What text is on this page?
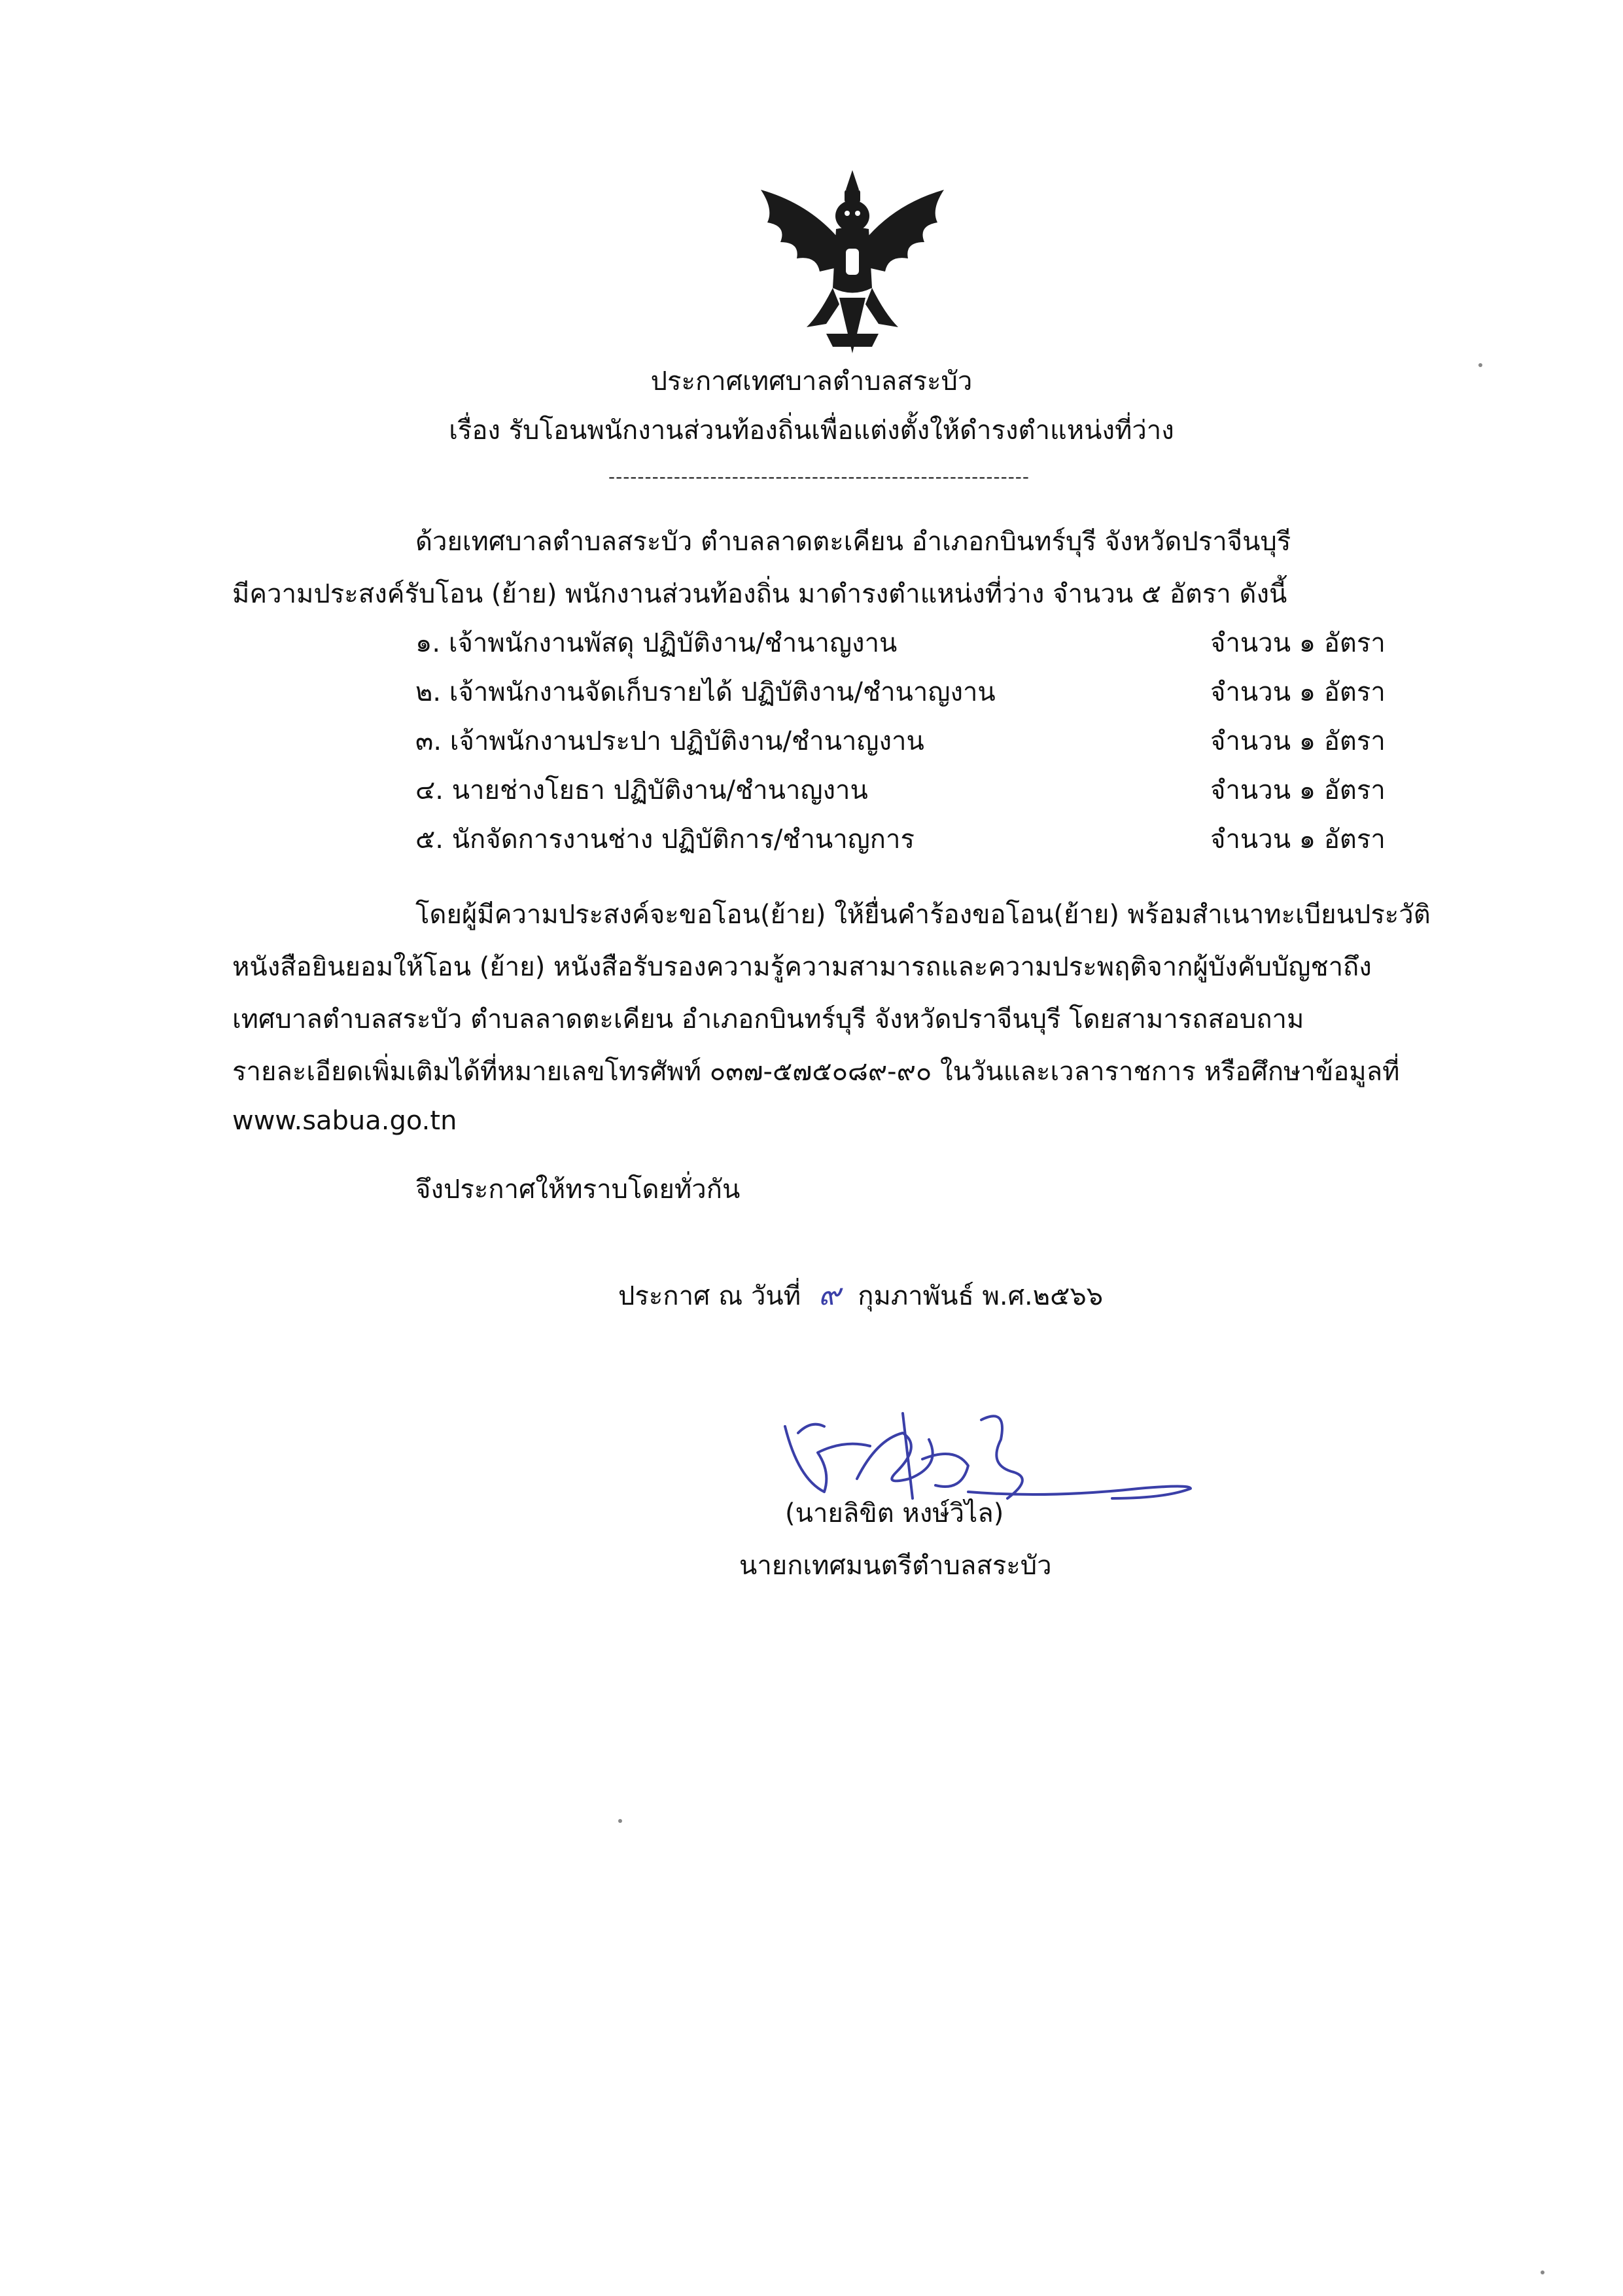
ประกาศเทศบาลตำบลสระบัว
เรื่อง รับโอนพนักงานส่วนท้องถิ่นเพื่อแต่งตั้งให้ดำรงตำแหน่งที่ว่าง
----------------------------------------------------------
ด้วยเทศบาลตำบลสระบัว ตำบลลาดตะเคียน อำเภอกบินทร์บุรี จังหวัดปราจีนบุรี
มีความประสงค์รับโอน (ย้าย) พนักงานส่วนท้องถิ่น มาดำรงตำแหน่งที่ว่าง จำนวน ๕ อัตรา ดังนี้
๑. เจ้าพนักงานพัสดุ ปฏิบัติงาน/ชำนาญงาน	จำนวน ๑ อัตรา
๒. เจ้าพนักงานจัดเก็บรายได้ ปฏิบัติงาน/ชำนาญงาน	จำนวน ๑ อัตรา
๓. เจ้าพนักงานประปา ปฏิบัติงาน/ชำนาญงาน	จำนวน ๑ อัตรา
๔. นายช่างโยธา ปฏิบัติงาน/ชำนาญงาน	จำนวน ๑ อัตรา
๕. นักจัดการงานช่าง ปฏิบัติการ/ชำนาญการ	จำนวน ๑ อัตรา
โดยผู้มีความประสงค์จะขอโอน(ย้าย) ให้ยื่นคำร้องขอโอน(ย้าย) พร้อมสำเนาทะเบียนประวัติ
หนังสือยินยอมให้โอน (ย้าย) หนังสือรับรองความรู้ความสามารถและความประพฤติจากผู้บังคับบัญชาถึง
เทศบาลตำบลสระบัว ตำบลลาดตะเคียน อำเภอกบินทร์บุรี จังหวัดปราจีนบุรี โดยสามารถสอบถาม
รายละเอียดเพิ่มเติมได้ที่หมายเลขโทรศัพท์ ๐๓๗-๕๗๕๐๘๙-๙๐ ในวันและเวลาราชการ หรือศึกษาข้อมูลที่
www.sabua.go.tn
จึงประกาศให้ทราบโดยทั่วกัน
ประกาศ ณ วันที่ ๙ กุมภาพันธ์ พ.ศ.๒๕๖๖
(นายลิขิต หงษ์วิไล)
นายกเทศมนตรีตำบลสระบัว
